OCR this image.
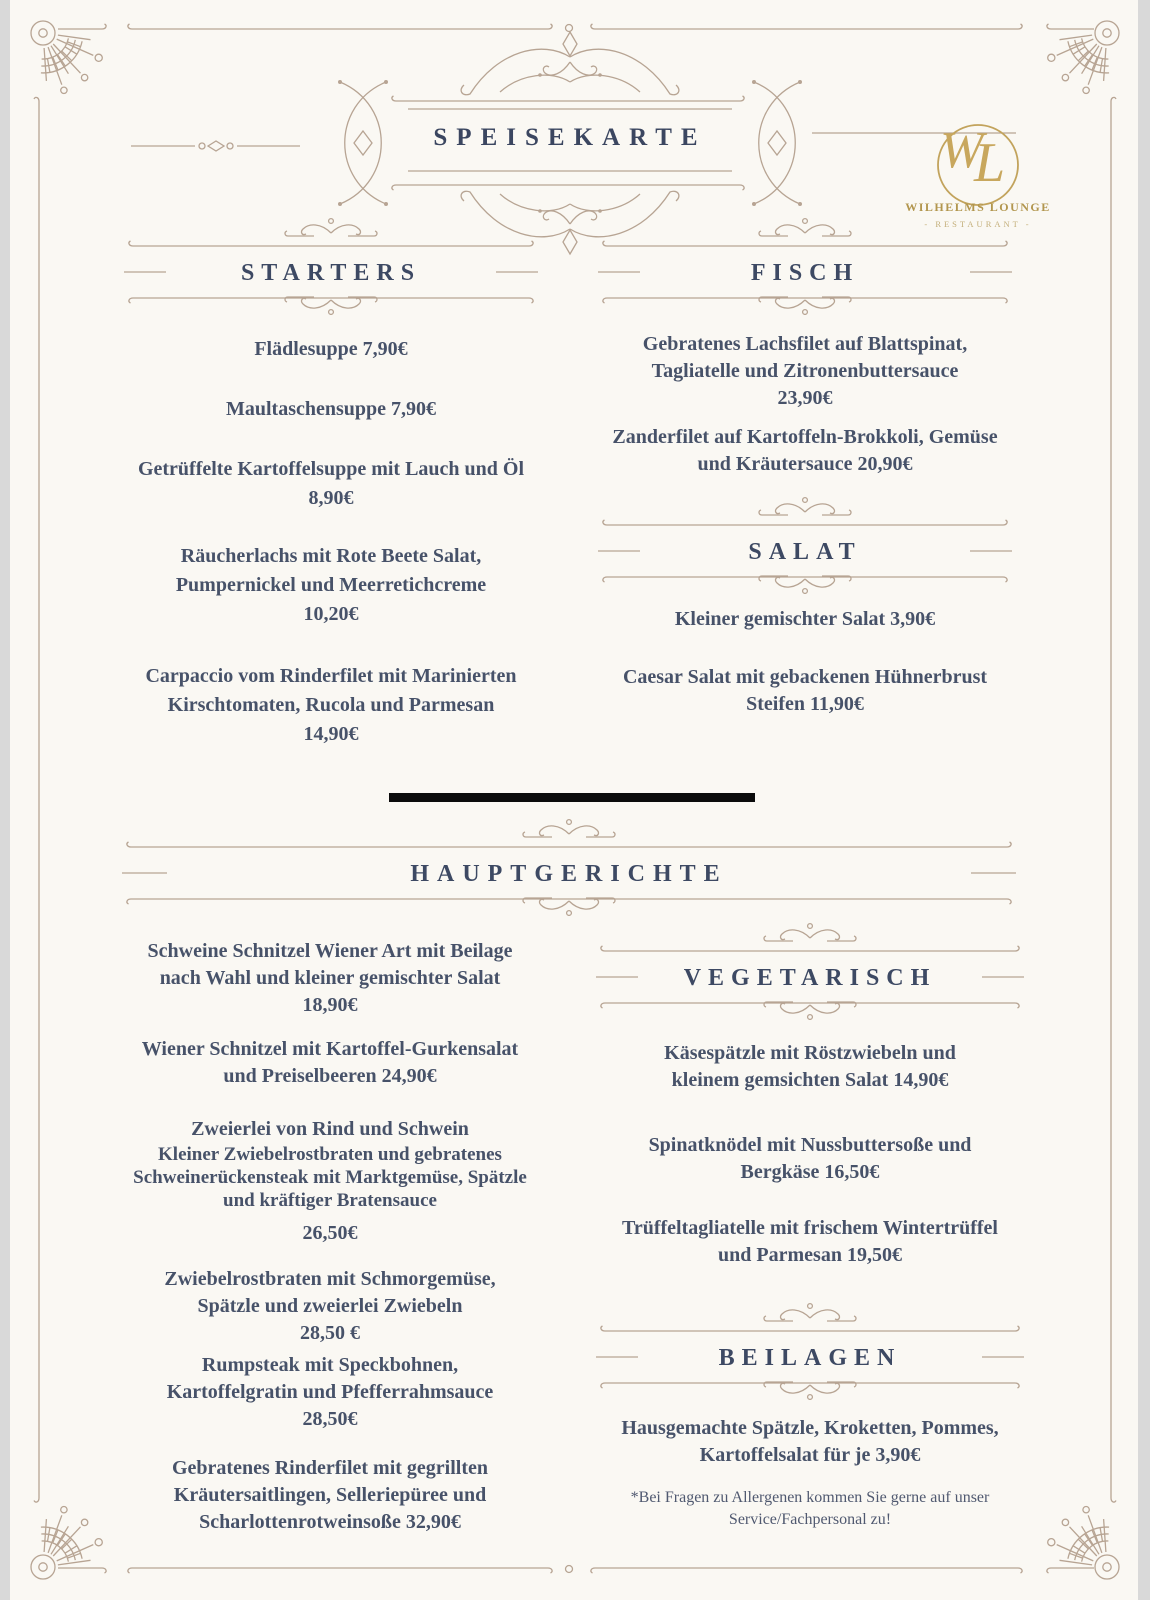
SPEISEKARTE	W
L
WILHELMS LOUNGE
- RESTAURANT -
STARTERS
Flädlesuppe 7,90€
Maultaschensuppe 7,90€
Getrüffelte Kartoffelsuppe mit Lauch und Öl
8,90€
Räucherlachs mit Rote Beete Salat,
Pumpernickel und Meerretichcreme
10,20€
Carpaccio vom Rinderfilet mit Marinierten
Kirschtomaten, Rucola und Parmesan
14,90€
FISCH
Gebratenes Lachsfilet auf Blattspinat,
Tagliatelle und Zitronenbuttersauce
23,90€
Zanderfilet auf Kartoffeln-Brokkoli, Gemüse
und Kräutersauce 20,90€
SALAT
Kleiner gemischter Salat 3,90€
Caesar Salat mit gebackenen Hühnerbrust
Steifen 11,90€
HAUPTGERICHTE
Schweine Schnitzel Wiener Art mit Beilage
nach Wahl und kleiner gemischter Salat
18,90€
Wiener Schnitzel mit Kartoffel-Gurkensalat
und Preiselbeeren 24,90€
Zweierlei von Rind und Schwein
Kleiner Zwiebelrostbraten und gebratenes
Schweinerückensteak mit Marktgemüse, Spätzle
und kräftiger Bratensauce
26,50€
Zwiebelrostbraten mit Schmorgemüse,
Spätzle und zweierlei Zwiebeln
28,50 €
Rumpsteak mit Speckbohnen,
Kartoffelgratin und Pfefferrahmsauce
28,50€
Gebratenes Rinderfilet mit gegrillten
Kräutersaitlingen, Selleriepüree und
Scharlottenrotweinsoße 32,90€
VEGETARISCH
Käsespätzle mit Röstzwiebeln und
kleinem gemsichten Salat 14,90€
Spinatknödel mit Nussbuttersoße und
Bergkäse 16,50€
Trüffeltagliatelle mit frischem Wintertrüffel
und Parmesan 19,50€
BEILAGEN
Hausgemachte Spätzle, Kroketten, Pommes,
Kartoffelsalat für je 3,90€
*Bei Fragen zu Allergenen kommen Sie gerne auf unser
Service/Fachpersonal zu!
